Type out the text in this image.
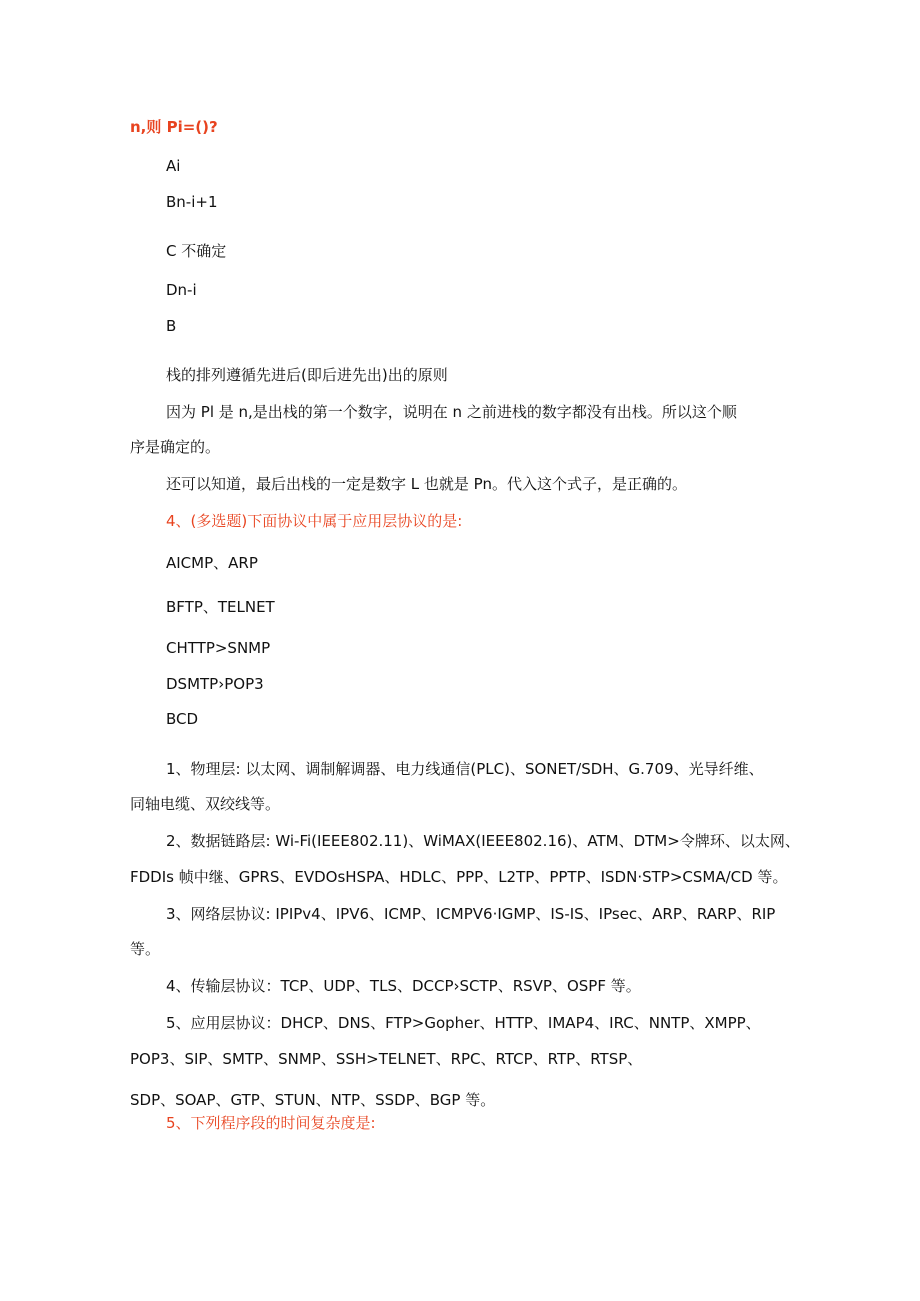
n,则 Pi=()?
Ai
Bn-i+1
C 不确定
Dn-i
B
栈的排列遵循先进后(即后进先出)出的原则
因为 Pl 是 n,是出栈的第一个数字，说明在 n 之前进栈的数字都没有出栈。所以这个顺
序是确定的。
还可以知道，最后出栈的一定是数字 L 也就是 Pn。代入这个式子，是正确的。
4、(多选题)下面协议中属于应用层协议的是:
AICMP、ARP
BFTP、TELNET
CHTTP>SNMP
DSMTP›POP3
BCD
1、物理层: 以太网、调制解调器、电力线通信(PLC)、SONET/SDH、G.709、光导纤维、
同轴电缆、双绞线等。
2、数据链路层: Wi-Fi(IEEE802.11)、WiMAX(IEEE802.16)、ATM、DTM>令牌环、以太网、
FDDIs 帧中继、GPRS、EVDOsHSPA、HDLC、PPP、L2TP、PPTP、ISDN·STP>CSMA/CD 等。
3、网络层协议: IPIPv4、IPV6、ICMP、ICMPV6·IGMP、IS-IS、IPsec、ARP、RARP、RIP
等。
4、传输层协议：TCP、UDP、TLS、DCCP›SCTP、RSVP、OSPF 等。
5、应用层协议：DHCP、DNS、FTP>Gopher、HTTP、IMAP4、IRC、NNTP、XMPP、
POP3、SIP、SMTP、SNMP、SSH>TELNET、RPC、RTCP、RTP、RTSP、
SDP、SOAP、GTP、STUN、NTP、SSDP、BGP 等。
5、下列程序段的时间复杂度是:
